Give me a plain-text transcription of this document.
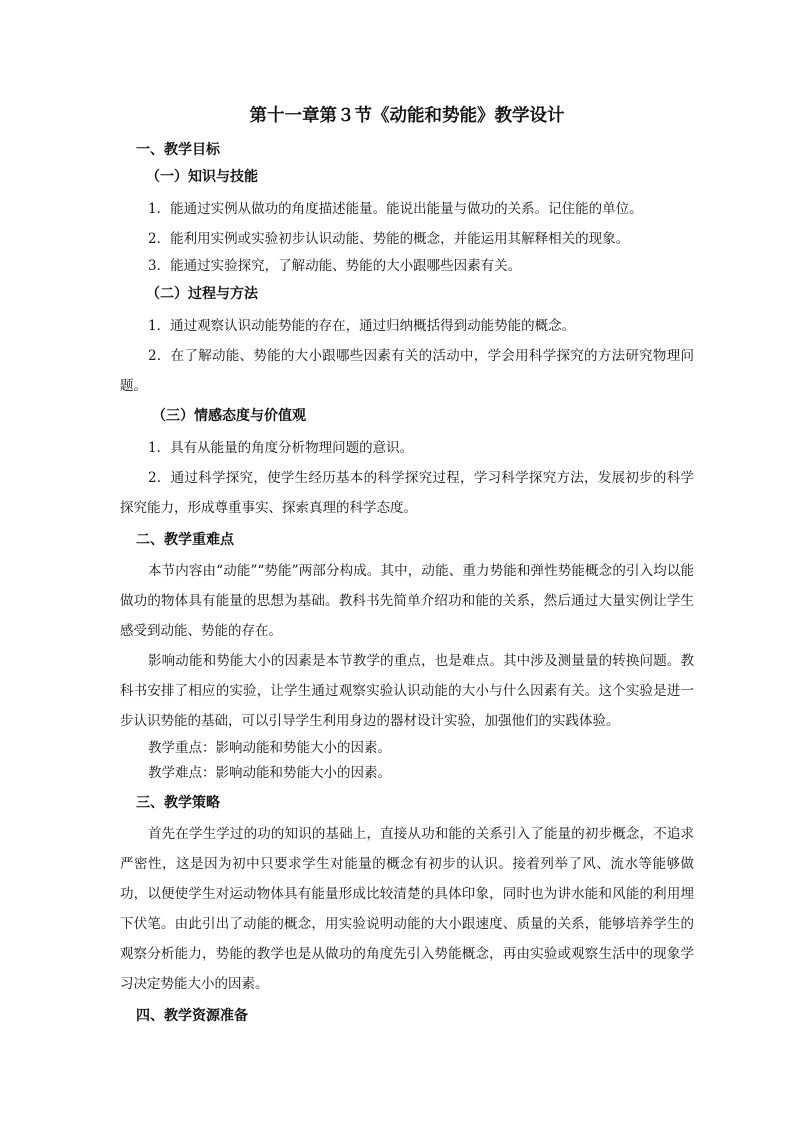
第十一章第３节《动能和势能》教学设计
一、教学目标
（一）知识与技能

1．能通过实例从做功的角度描述能量。能说出能量与做功的关系。记住能的单位。

2．能利用实例或实验初步认识动能、势能的概念，并能运用其解释相关的现象。

3．能通过实验探究，了解动能、势能的大小跟哪些因素有关。

（二）过程与方法

1．通过观察认识动能势能的存在，通过归纳概括得到动能势能的概念。

2．在了解动能、势能的大小跟哪些因素有关的活动中，学会用科学探究的方法研究物理问题。

（三）情感态度与价值观

1．具有从能量的角度分析物理问题的意识。

2．通过科学探究，使学生经历基本的科学探究过程，学习科学探究方法，发展初步的科学探究能力，形成尊重事实、探索真理的科学态度。

二、教学重难点

本节内容由“动能”“势能”两部分构成。其中，动能、重力势能和弹性势能概念的引入均以能做功的物体具有能量的思想为基础。教科书先简单介绍功和能的关系，然后通过大量实例让学生感受到动能、势能的存在。

影响动能和势能大小的因素是本节教学的重点，也是难点。其中涉及测量量的转换问题。教科书安排了相应的实验，让学生通过观察实验认识动能的大小与什么因素有关。这个实验是进一步认识势能的基础，可以引导学生利用身边的器材设计实验，加强他们的实践体验。

教学重点：影响动能和势能大小的因素。

教学难点：影响动能和势能大小的因素。

三、教学策略

首先在学生学过的功的知识的基础上，直接从功和能的关系引入了能量的初步概念，不追求严密性，这是因为初中只要求学生对能量的概念有初步的认识。接着列举了风、流水等能够做功，以便使学生对运动物体具有能量形成比较清楚的具体印象，同时也为讲水能和风能的利用埋下伏笔。由此引出了动能的概念，用实验说明动能的大小跟速度、质量的关系，能够培养学生的观察分析能力，势能的教学也是从做功的角度先引入势能概念，再由实验或观察生活中的现象学习决定势能大小的因素。

四、教学资源准备
